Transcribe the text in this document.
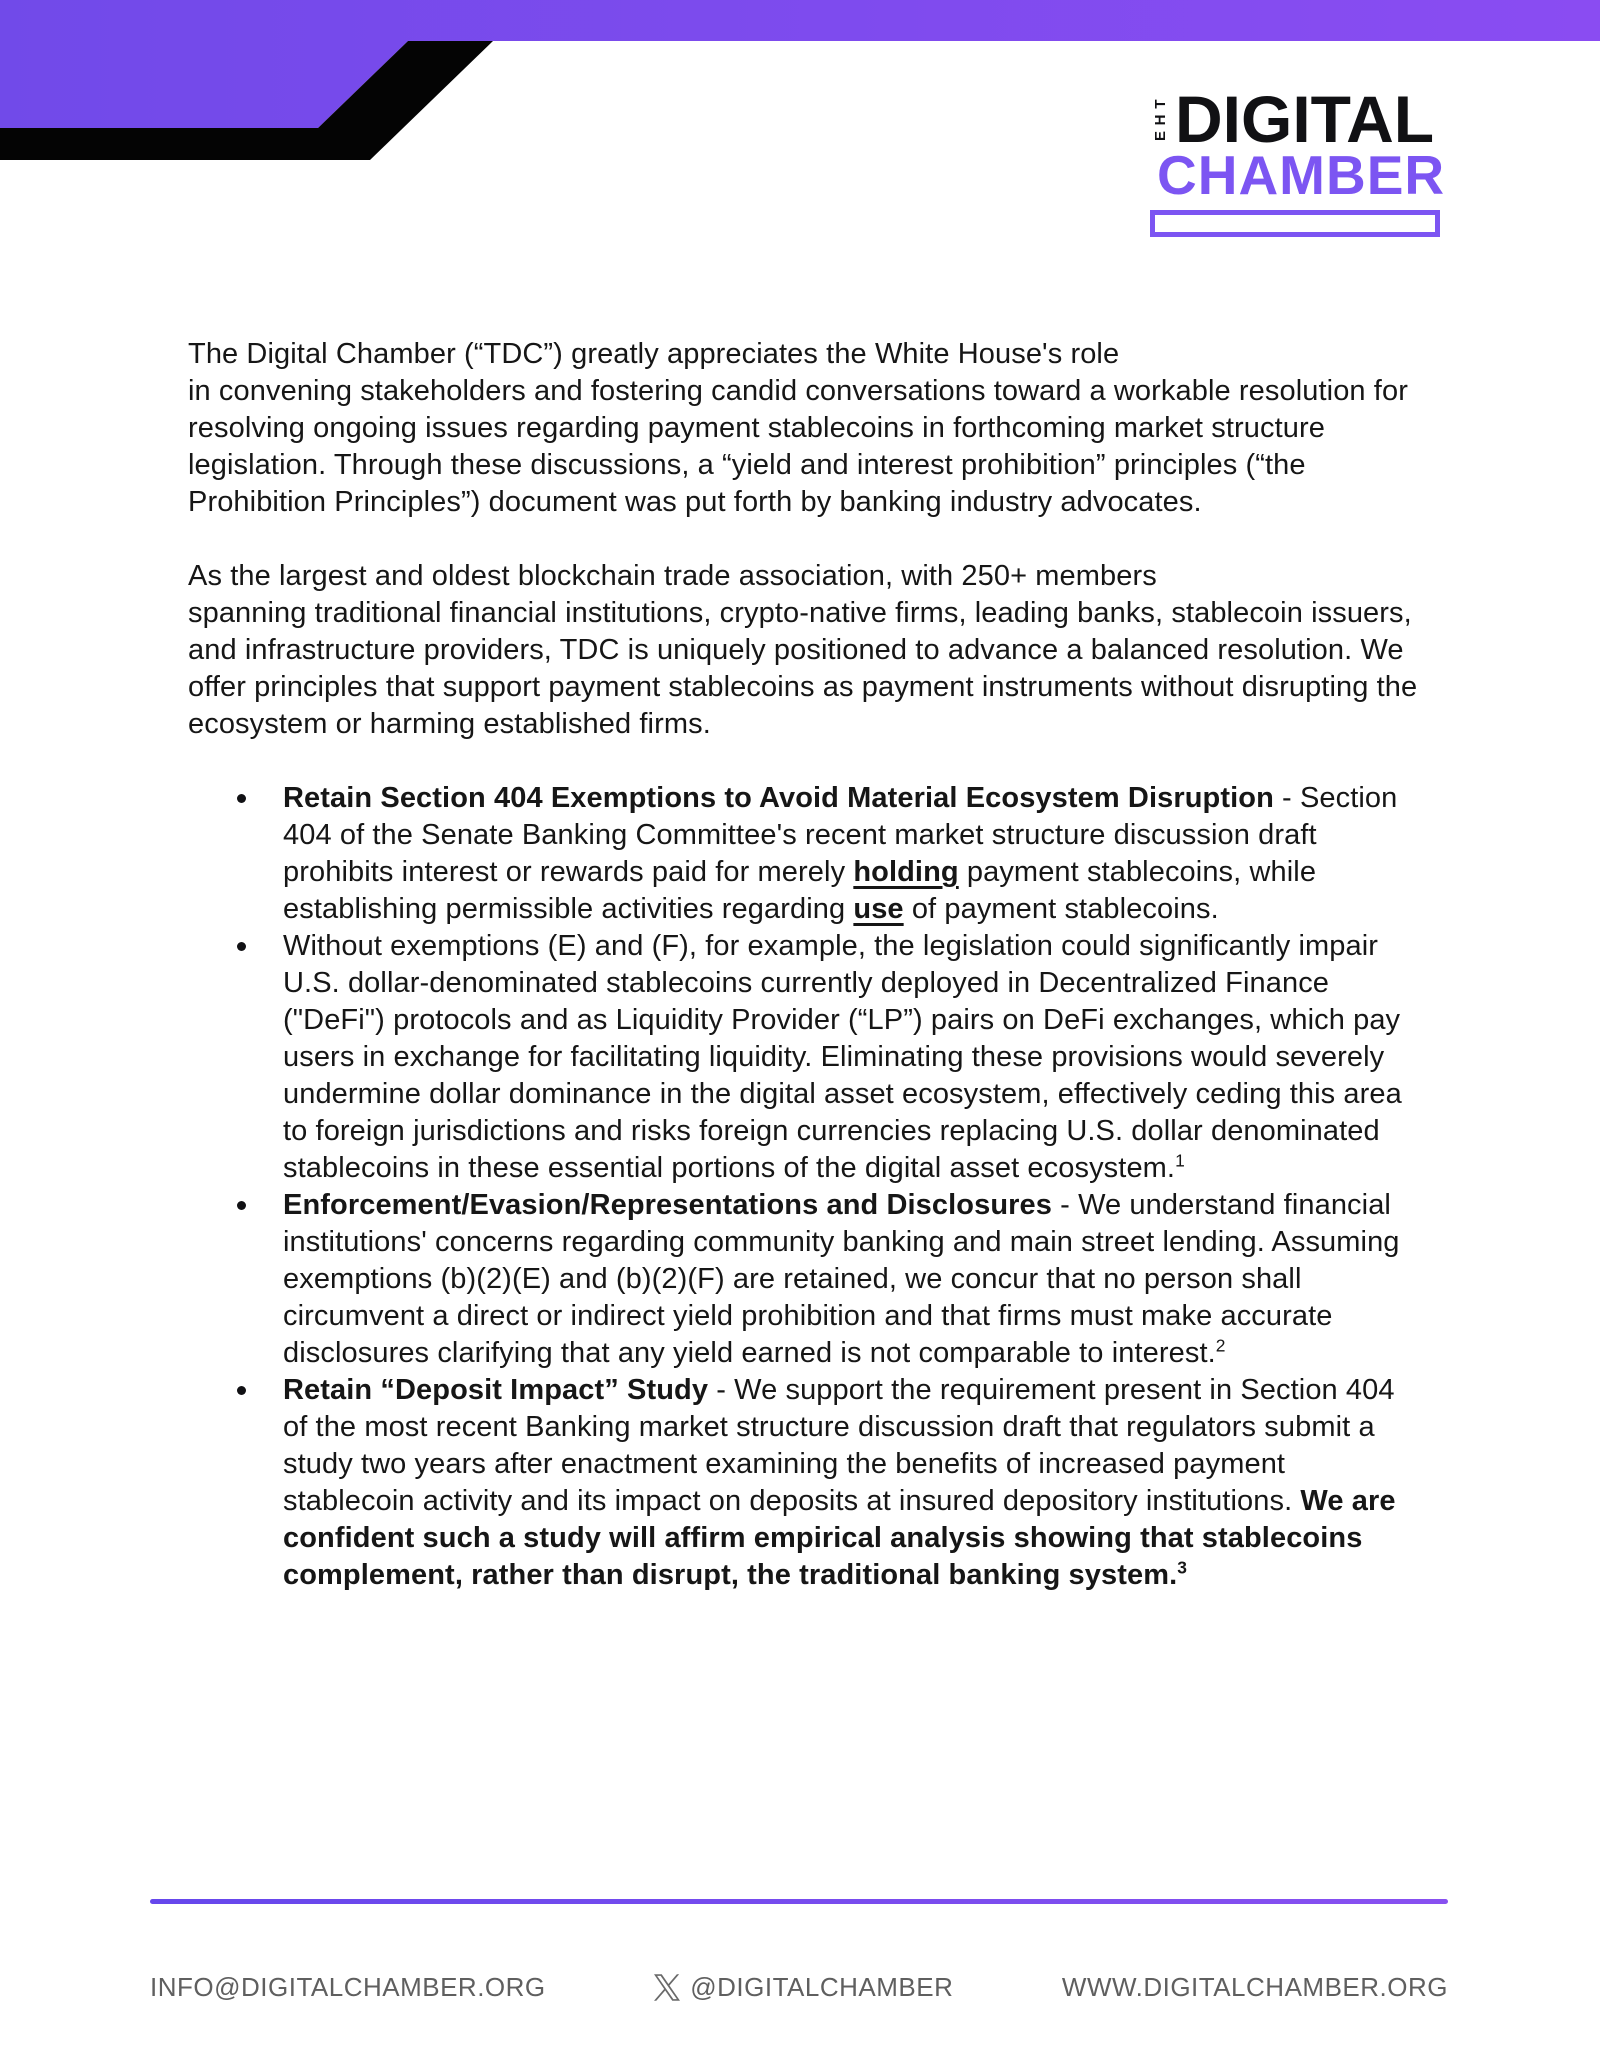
T
H
E DIGITAL
CHAMBER

The Digital Chamber (“TDC”) greatly appreciates the White House's role
in convening stakeholders and fostering candid conversations toward a workable resolution for resolving ongoing issues regarding payment stablecoins in forthcoming market structure legislation. Through these discussions, a “yield and interest prohibition” principles (“the Prohibition Principles”) document was put forth by banking industry advocates.

As the largest and oldest blockchain trade association, with 250+ members
spanning traditional financial institutions, crypto-native firms, leading banks, stablecoin issuers, and infrastructure providers, TDC is uniquely positioned to advance a balanced resolution. We offer principles that support payment stablecoins as payment instruments without disrupting the ecosystem or harming established firms.

Retain Section 404 Exemptions to Avoid Material Ecosystem Disruption - Section 404 of the Senate Banking Committee's recent market structure discussion draft prohibits interest or rewards paid for merely holding payment stablecoins, while establishing permissible activities regarding use of payment stablecoins.
Without exemptions (E) and (F), for example, the legislation could significantly impair U.S. dollar-denominated stablecoins currently deployed in Decentralized Finance ("DeFi") protocols and as Liquidity Provider (“LP”) pairs on DeFi exchanges, which pay users in exchange for facilitating liquidity. Eliminating these provisions would severely undermine dollar dominance in the digital asset ecosystem, effectively ceding this area to foreign jurisdictions and risks foreign currencies replacing U.S. dollar denominated stablecoins in these essential portions of the digital asset ecosystem.$^1$
Enforcement/Evasion/Representations and Disclosures - We understand financial institutions' concerns regarding community banking and main street lending. Assuming exemptions (b)(2)(E) and (b)(2)(F) are retained, we concur that no person shall circumvent a direct or indirect yield prohibition and that firms must make accurate disclosures clarifying that any yield earned is not comparable to interest.$^2$
Retain “Deposit Impact” Study - We support the requirement present in Section 404 of the most recent Banking market structure discussion draft that regulators submit a study two years after enactment examining the benefits of increased payment stablecoin activity and its impact on deposits at insured depository institutions. We are confident such a study will affirm empirical analysis showing that stablecoins complement, rather than disrupt, the traditional banking system.$^3$
INFO@DIGITALCHAMBER.ORG	@DIGITALCHAMBER	WWW.DIGITALCHAMBER.ORG
